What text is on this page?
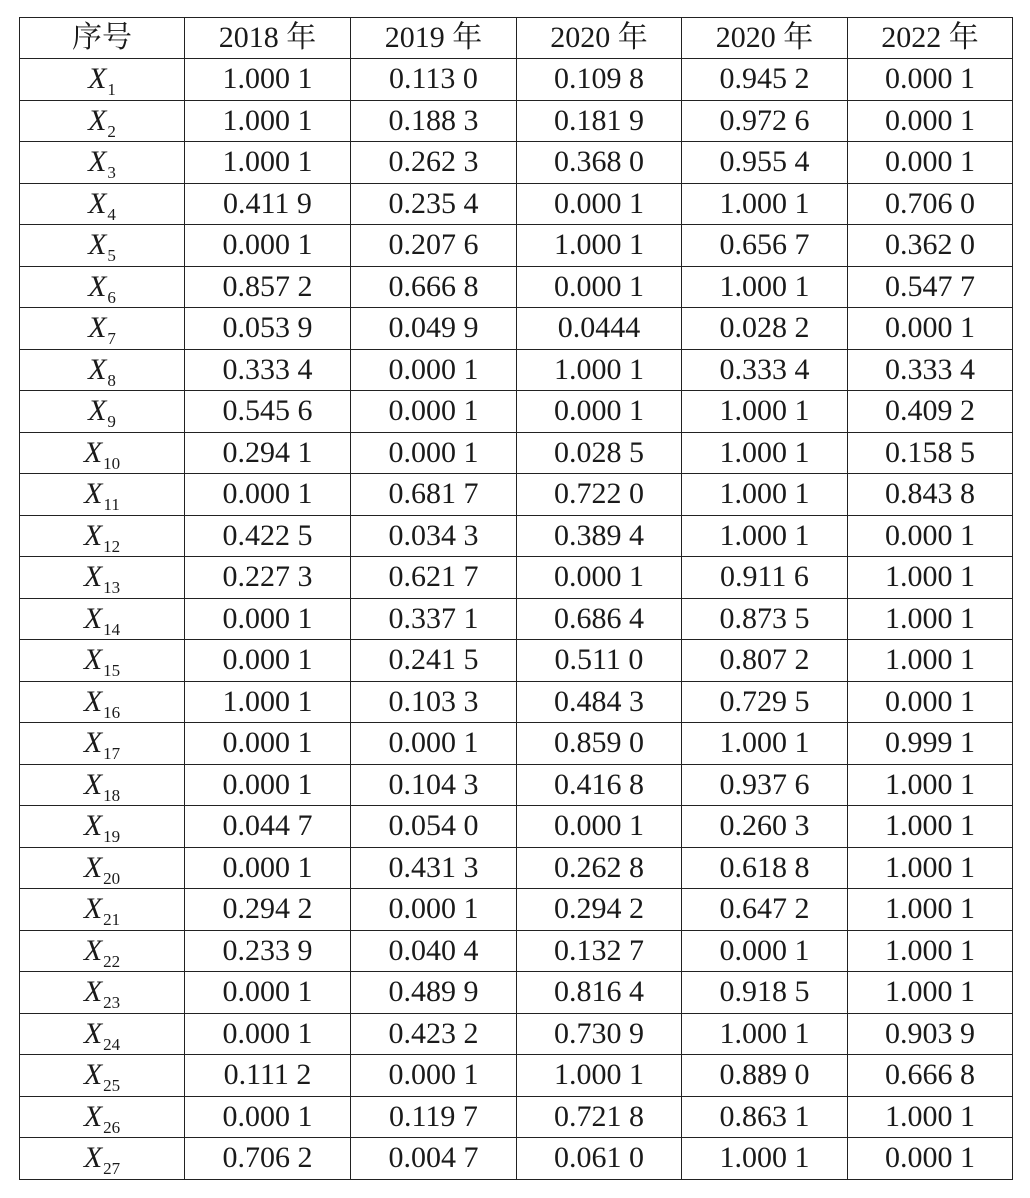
序号	2018 年	2019 年	2020 年	2020 年	2022 年
$X_1$	1.000 1	0.113 0	0.109 8	0.945 2	0.000 1
$X_2$	1.000 1	0.188 3	0.181 9	0.972 6	0.000 1
$X_3$	1.000 1	0.262 3	0.368 0	0.955 4	0.000 1
$X_4$	0.411 9	0.235 4	0.000 1	1.000 1	0.706 0
$X_5$	0.000 1	0.207 6	1.000 1	0.656 7	0.362 0
$X_6$	0.857 2	0.666 8	0.000 1	1.000 1	0.547 7
$X_7$	0.053 9	0.049 9	0.0444	0.028 2	0.000 1
$X_8$	0.333 4	0.000 1	1.000 1	0.333 4	0.333 4
$X_9$	0.545 6	0.000 1	0.000 1	1.000 1	0.409 2
$X_{10}$	0.294 1	0.000 1	0.028 5	1.000 1	0.158 5
$X_{11}$	0.000 1	0.681 7	0.722 0	1.000 1	0.843 8
$X_{12}$	0.422 5	0.034 3	0.389 4	1.000 1	0.000 1
$X_{13}$	0.227 3	0.621 7	0.000 1	0.911 6	1.000 1
$X_{14}$	0.000 1	0.337 1	0.686 4	0.873 5	1.000 1
$X_{15}$	0.000 1	0.241 5	0.511 0	0.807 2	1.000 1
$X_{16}$	1.000 1	0.103 3	0.484 3	0.729 5	0.000 1
$X_{17}$	0.000 1	0.000 1	0.859 0	1.000 1	0.999 1
$X_{18}$	0.000 1	0.104 3	0.416 8	0.937 6	1.000 1
$X_{19}$	0.044 7	0.054 0	0.000 1	0.260 3	1.000 1
$X_{20}$	0.000 1	0.431 3	0.262 8	0.618 8	1.000 1
$X_{21}$	0.294 2	0.000 1	0.294 2	0.647 2	1.000 1
$X_{22}$	0.233 9	0.040 4	0.132 7	0.000 1	1.000 1
$X_{23}$	0.000 1	0.489 9	0.816 4	0.918 5	1.000 1
$X_{24}$	0.000 1	0.423 2	0.730 9	1.000 1	0.903 9
$X_{25}$	0.111 2	0.000 1	1.000 1	0.889 0	0.666 8
$X_{26}$	0.000 1	0.119 7	0.721 8	0.863 1	1.000 1
$X_{27}$	0.706 2	0.004 7	0.061 0	1.000 1	0.000 1
